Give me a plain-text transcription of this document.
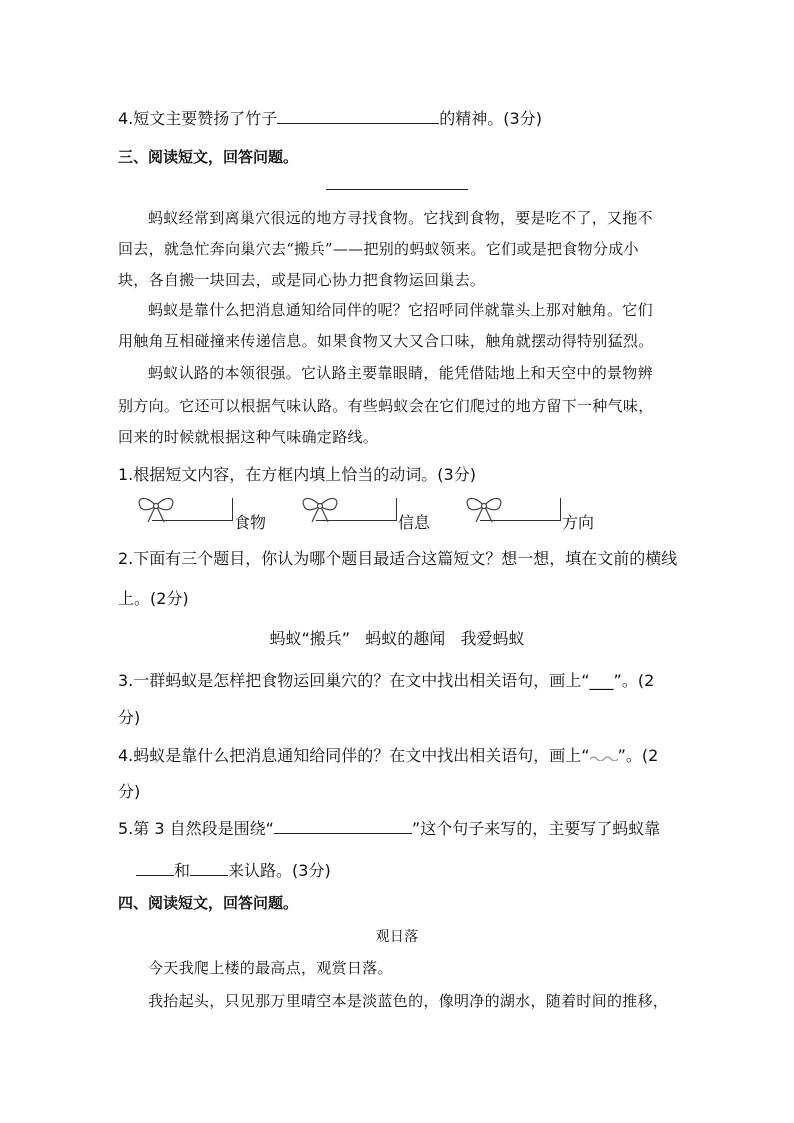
4.短文主要赞扬了竹子	的精神。(3分)
三、阅读短文，回答问题。
蚂蚁经常到离巢穴很远的地方寻找食物。它找到食物，要是吃不了，又拖不
回去，就急忙奔向巢穴去“搬兵”——把别的蚂蚁领来。它们或是把食物分成小
块，各自搬一块回去，或是同心协力把食物运回巢去。
蚂蚁是靠什么把消息通知给同伴的呢？它招呼同伴就靠头上那对触角。它们
用触角互相碰撞来传递信息。如果食物又大又合口味，触角就摆动得特别猛烈。
蚂蚁认路的本领很强。它认路主要靠眼睛，能凭借陆地上和天空中的景物辨
别方向。它还可以根据气味认路。有些蚂蚁会在它们爬过的地方留下一种气味，
回来的时候就根据这种气味确定路线。
1.根据短文内容，在方框内填上恰当的动词。(3分)
食物	信息	方向
2.下面有三个题目，你认为哪个题目最适合这篇短文？想一想，填在文前的横线
上。(2分)
蚂蚁“搬兵”   蚂蚁的趣闻   我爱蚂蚁
3.一群蚂蚁是怎样把食物运回巢穴的？在文中找出相关语句，画上“___”。(2
分)
4.蚂蚁是靠什么把消息通知给同伴的？在文中找出相关语句，画上“ ”。(2
分)
5.第 3 自然段是围绕“	”这个句子来写的，主要写了蚂蚁靠
和 来认路。(3分)
四、阅读短文，回答问题。
观日落
今天我爬上楼的最高点，观赏日落。
我抬起头，只见那万里晴空本是淡蓝色的，像明净的湖水，随着时间的推移，
